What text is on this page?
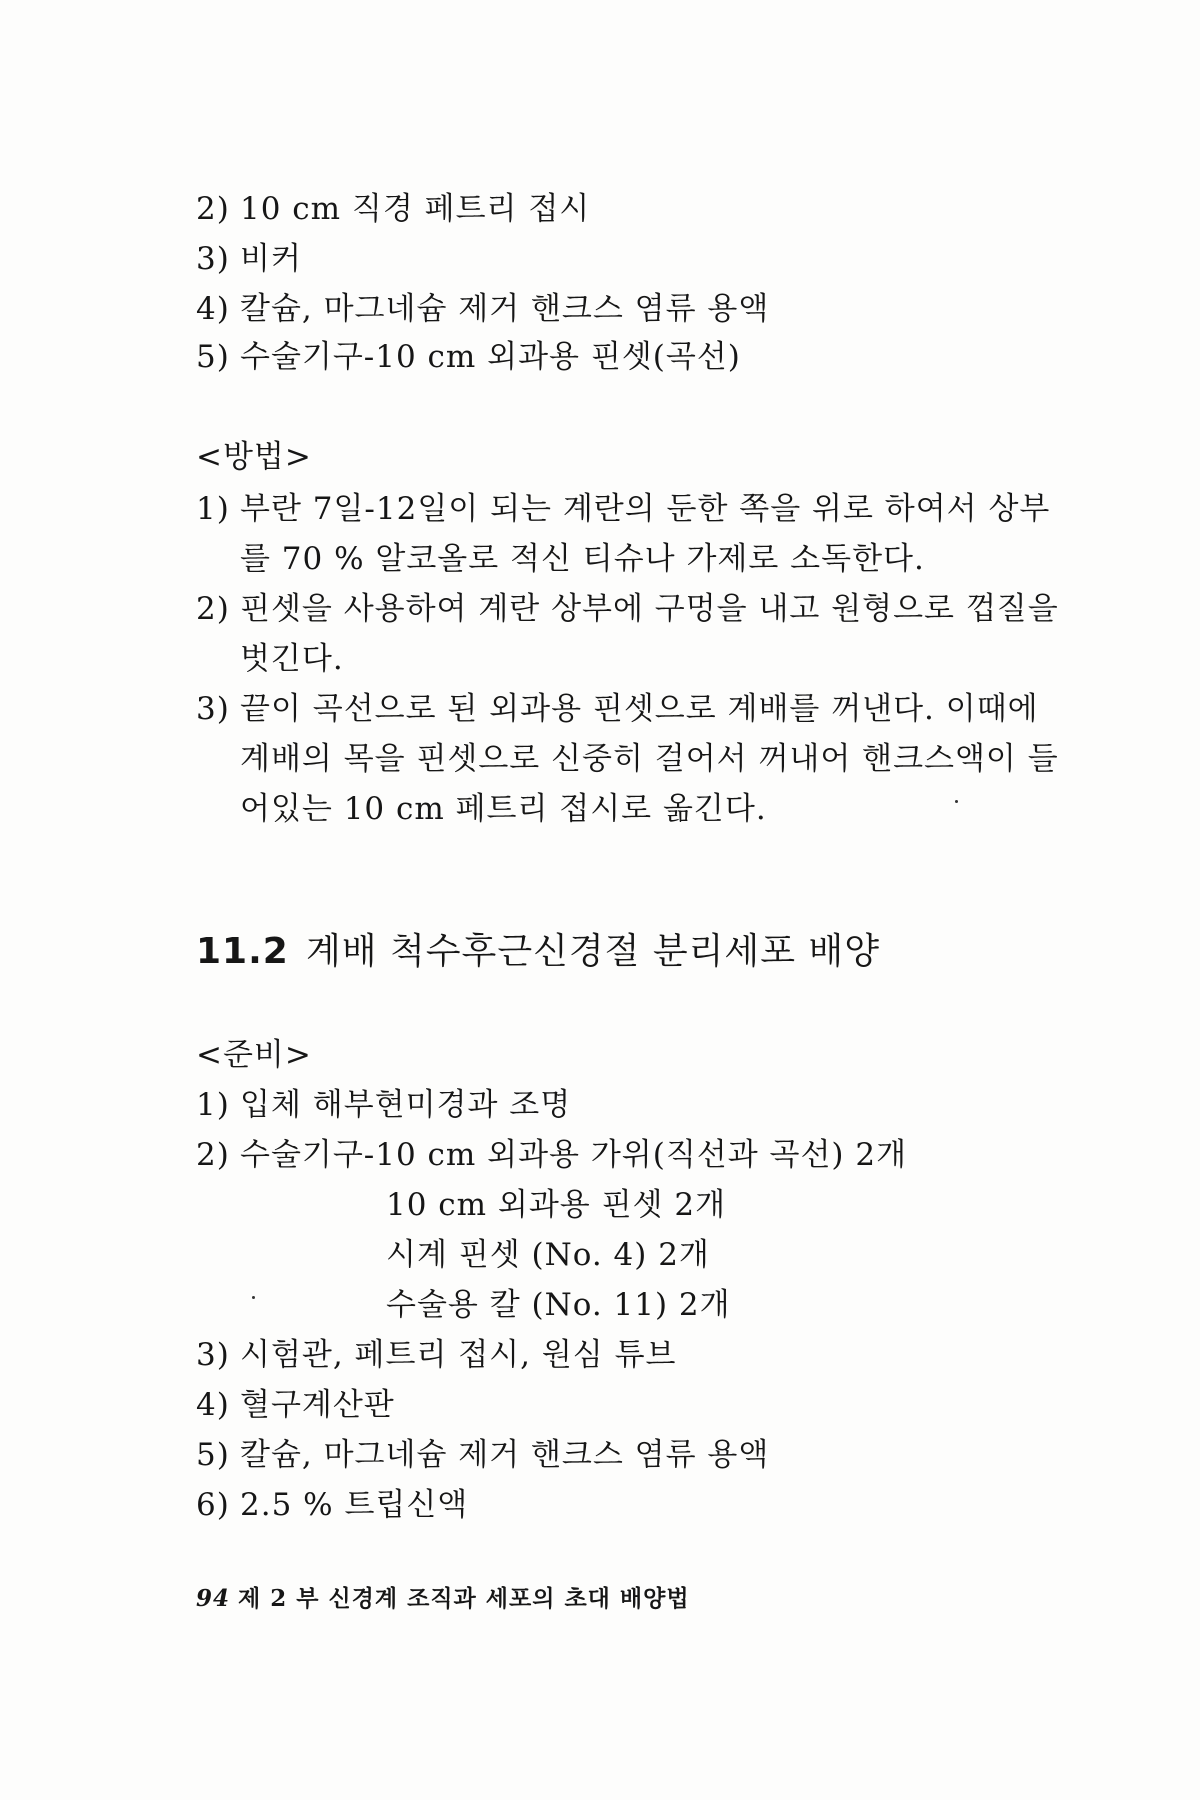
2) 10 cm 직경 페트리 접시
3) 비커
4) 칼슘, 마그네슘 제거 핸크스 염류 용액
5) 수술기구-10 cm 외과용 핀셋(곡선)
<방법>
1) 부란 7일-12일이 되는 계란의 둔한 쪽을 위로 하여서 상부
를 70 % 알코올로 적신 티슈나 가제로 소독한다.
2) 핀셋을 사용하여 계란 상부에 구멍을 내고 원형으로 껍질을
벗긴다.
3) 끝이 곡선으로 된 외과용 핀셋으로 계배를 꺼낸다. 이때에
계배의 목을 핀셋으로 신중히 걸어서 꺼내어 핸크스액이 들
어있는 10 cm 페트리 접시로 옮긴다.
11.2 계배 척수후근신경절 분리세포 배양
<준비>
1) 입체 해부현미경과 조명
2) 수술기구-10 cm 외과용 가위(직선과 곡선) 2개
10 cm 외과용 핀셋 2개
시계 핀셋 (No. 4) 2개
수술용 칼 (No. 11) 2개
3) 시험관, 페트리 접시, 원심 튜브
4) 혈구계산판
5) 칼슘, 마그네슘 제거 핸크스 염류 용액
6) 2.5 % 트립신액
94 제 2 부 신경계 조직과 세포의 초대 배양법
